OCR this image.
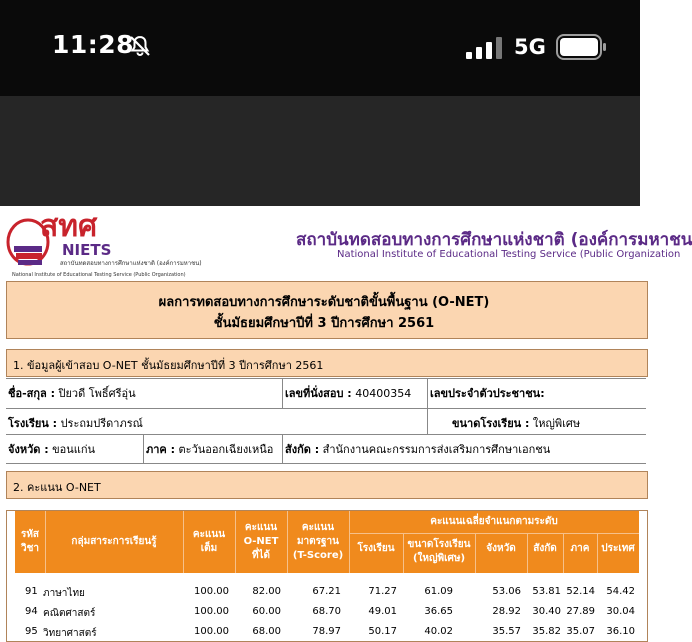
11:28	5G
สทศ
NIETS
สถาบันทดสอบทางการศึกษาแห่งชาติ (องค์การมหาชน)
National Institute of Educational Testing Service (Public Organization)
สถาบันทดสอบทางการศึกษาแห่งชาติ (องค์การมหาชน
National Institute of Educational Testing Service (Public Organization
ผลการทดสอบทางการศึกษาระดับชาติขั้นพื้นฐาน (O-NET)
ชั้นมัธยมศึกษาปีที่ 3 ปีการศึกษา 2561
1. ข้อมูลผู้เข้าสอบ O-NET ชั้นมัธยมศึกษาปีที่ 3 ปีการศึกษา 2561
ชื่อ-สกุล : ปิยวดี โพธิ์ศรีอุ่น	เลขที่นั่งสอบ : 40400354 เลขประจำตัวประชาชน:
โรงเรียน : ประถมปรีดาภรณ์	ขนาดโรงเรียน : ใหญ่พิเศษ
จังหวัด : ขอนแก่น	ภาค : ตะวันออกเฉียงเหนือ สังกัด : สำนักงานคณะกรรมการส่งเสริมการศึกษาเอกชน
2. คะแนน O-NET
รหัส
วิชา
กลุ่มสาระการเรียนรู้
คะแนน
เต็ม
คะแนน
O-NET
ที่ได้
คะแนน
มาตรฐาน
(T-Score)
คะแนนเฉลี่ยจำแนกตามระดับ
โรงเรียน	ขนาดโรงเรียน
(ใหญ่พิเศษ)
จังหวัด	สังกัด	ภาค	ประเทศ
91 ภาษาไทย	100.00	82.00	67.21	71.27	61.09	53.06	53.81 52.14	54.42
94 คณิตศาสตร์	100.00	60.00	68.70	49.01	36.65	28.92	30.40 27.89	30.04
95 วิทยาศาสตร์	100.00	68.00	78.97	50.17	40.02	35.57	35.82 35.07	36.10
